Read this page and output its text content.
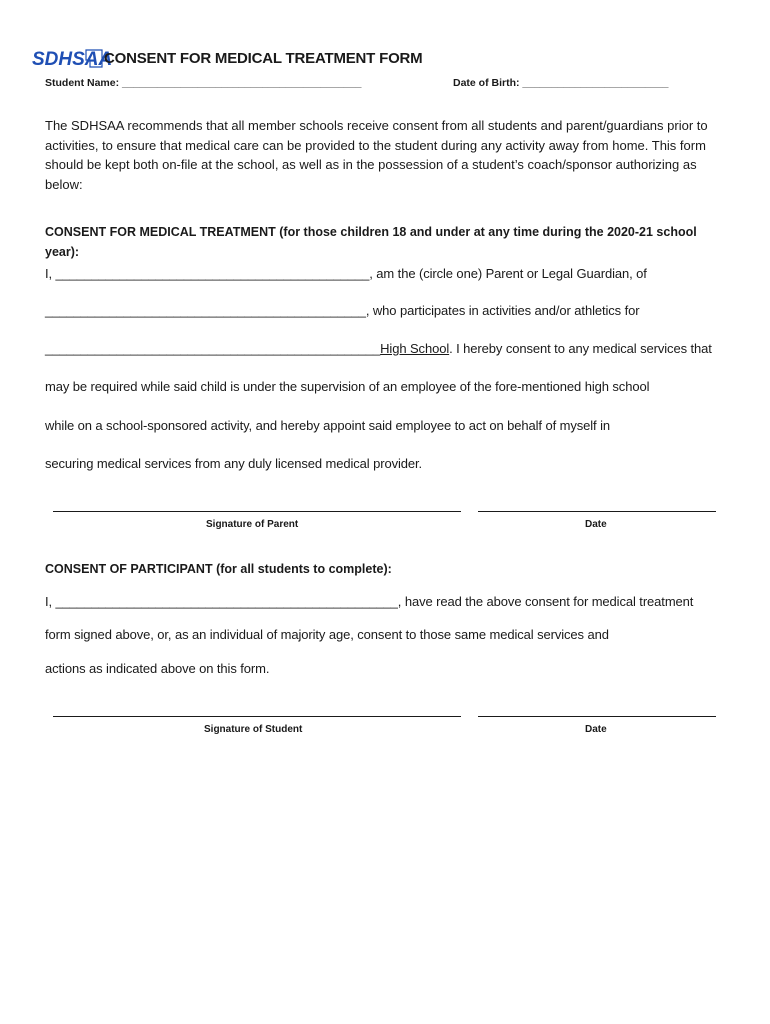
SDHSAA
CONSENT FOR MEDICAL TREATMENT FORM
Student Name: _________________________________________	Date of Birth: _________________________
The SDHSAA recommends that all member schools receive consent from all students and parent/guardians prior to activities, to ensure that medical care can be provided to the student during any activity away from home. This form should be kept both on-file at the school, as well as in the possession of a student’s coach/sponsor authorizing as below:
CONSENT FOR MEDICAL TREATMENT (for those children 18 and under at any time during the 2020-21 school year):
I, ____________________________________________, am the (circle one) Parent or Legal Guardian, of
_____________________________________________, who participates in activities and/or athletics for
_______________________________________________High School. I hereby consent to any medical services that
may be required while said child is under the supervision of an employee of the fore-mentioned high school
while on a school-sponsored activity, and hereby appoint said employee to act on behalf of myself in
securing medical services from any duly licensed medical provider.
Signature of Parent	Date
CONSENT OF PARTICIPANT (for all students to complete):
I, ________________________________________________, have read the above consent for medical treatment
form signed above, or, as an individual of majority age, consent to those same medical services and
actions as indicated above on this form.
Signature of Student	Date
